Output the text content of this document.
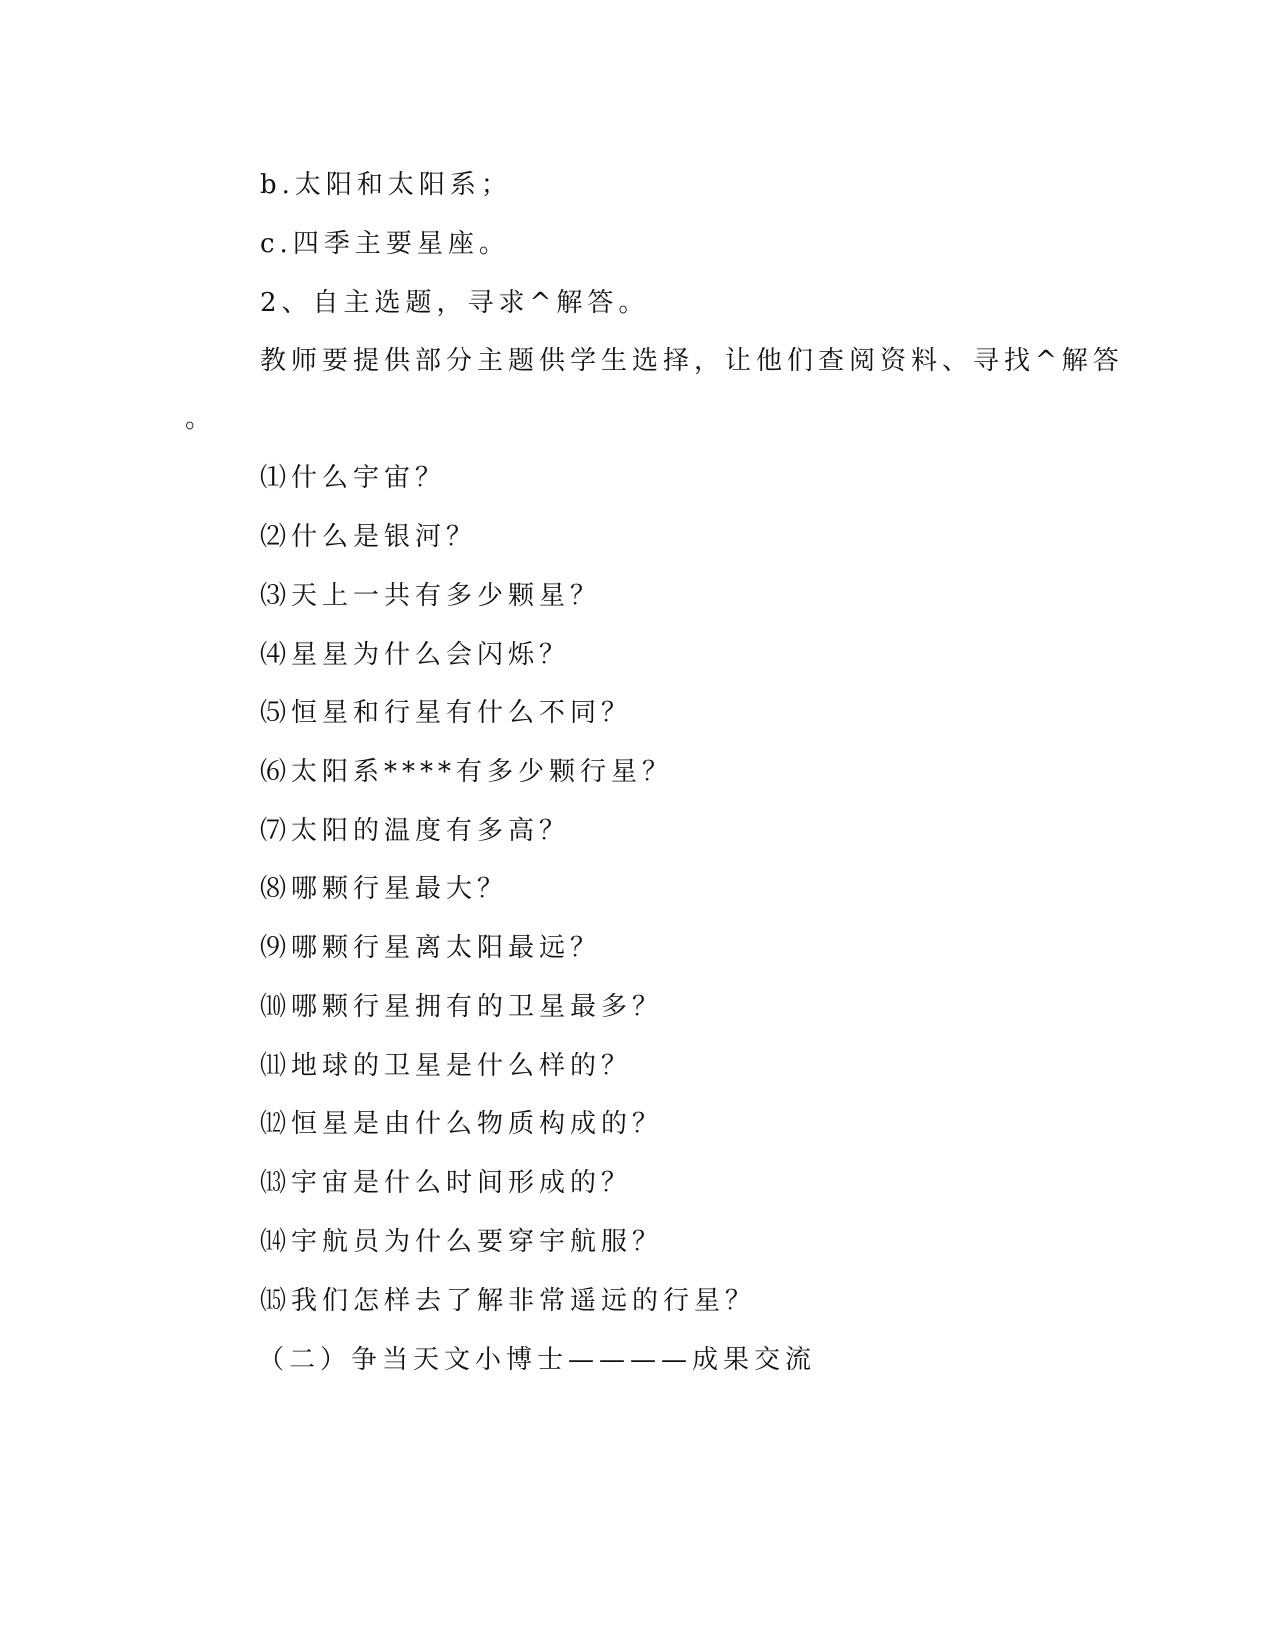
b.太阳和太阳系；
c.四季主要星座。
2、自主选题，寻求^解答。
教师要提供部分主题供学生选择，让他们查阅资料、寻找^解答
。
⑴什么宇宙？
⑵什么是银河？
⑶天上一共有多少颗星？
⑷星星为什么会闪烁？
⑸恒星和行星有什么不同？
⑹太阳系****有多少颗行星？
⑺太阳的温度有多高？
⑻哪颗行星最大？
⑼哪颗行星离太阳最远？
⑽哪颗行星拥有的卫星最多？
⑾地球的卫星是什么样的？
⑿恒星是由什么物质构成的？
⒀宇宙是什么时间形成的？
⒁宇航员为什么要穿宇航服？
⒂我们怎样去了解非常遥远的行星？
（二）争当天文小博士————成果交流
